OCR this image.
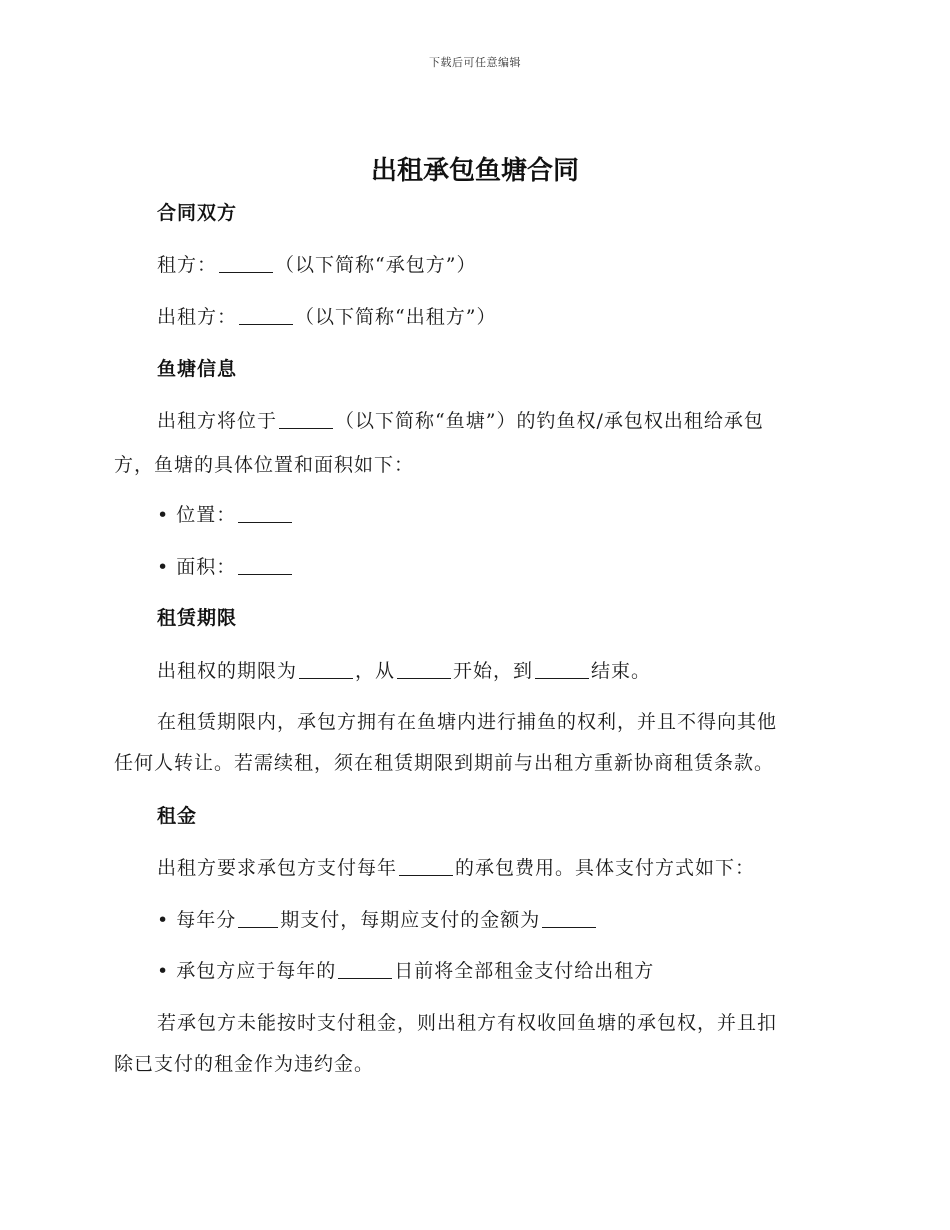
下载后可任意编辑
出租承包鱼塘合同
合同双方
租方：	（以下简称“承包方”）
出租方：	（以下简称“出租方”）
鱼塘信息
出租方将位于	（以下简称“鱼塘”）的钓鱼权/承包权出租给承包
方，鱼塘的具体位置和面积如下：
• 位置：
• 面积：
租赁期限
出租权的期限为	，从	开始，到	结束。
在租赁期限内，承包方拥有在鱼塘内进行捕鱼的权利，并且不得向其他
任何人转让。若需续租，须在租赁期限到期前与出租方重新协商租赁条款。
租金
出租方要求承包方支付每年	的承包费用。具体支付方式如下：
• 每年分 期支付，每期应支付的金额为
• 承包方应于每年的	日前将全部租金支付给出租方
若承包方未能按时支付租金，则出租方有权收回鱼塘的承包权，并且扣
除已支付的租金作为违约金。
